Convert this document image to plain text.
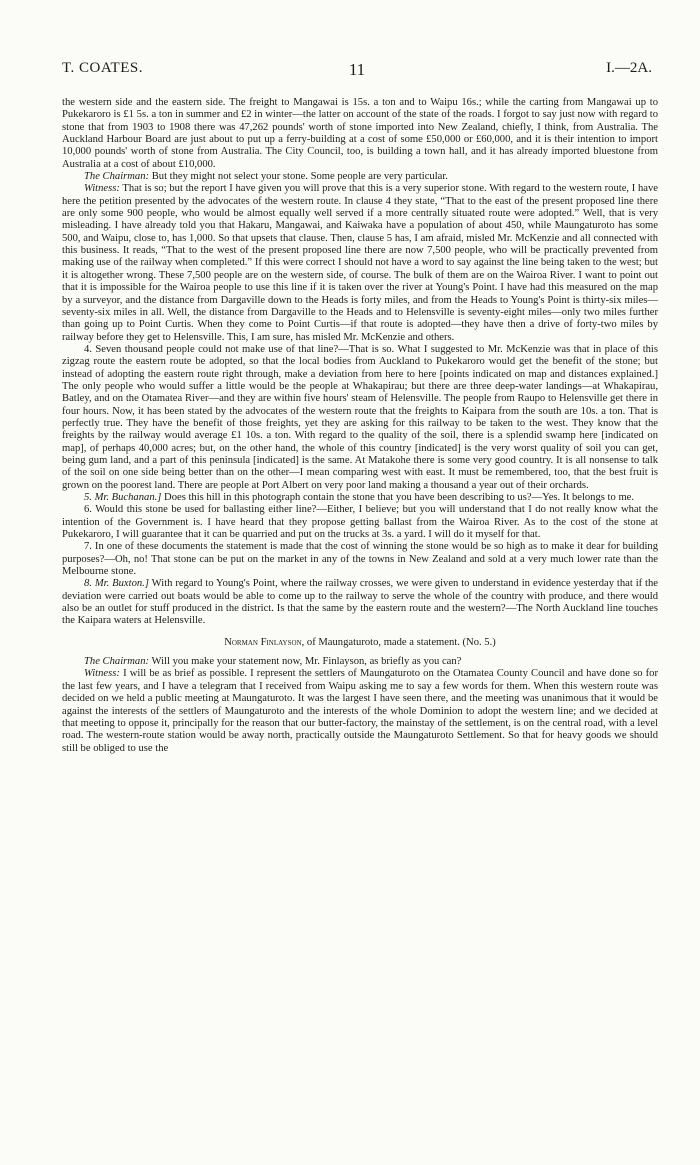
T. COATES.	11	I.—2A.

the western side and the eastern side. The freight to Mangawai is 15s. a ton and to Waipu 16s.; while the carting from Mangawai up to Pukekaroro is £1 5s. a ton in summer and £2 in winter—the latter on account of the state of the roads. I forgot to say just now with regard to stone that from 1903 to 1908 there was 47,262 pounds' worth of stone imported into New Zealand, chiefly, I think, from Australia. The Auckland Harbour Board are just about to put up a ferry-building at a cost of some £50,000 or £60,000, and it is their intention to import 10,000 pounds' worth of stone from Australia. The City Council, too, is building a town hall, and it has already imported bluestone from Australia at a cost of about £10,000.

The Chairman: But they might not select your stone. Some people are very particular.

Witness: That is so; but the report I have given you will prove that this is a very superior stone. With regard to the western route, I have here the petition presented by the advocates of the western route. In clause 4 they state, “That to the east of the present proposed line there are only some 900 people, who would be almost equally well served if a more centrally situated route were adopted.” Well, that is very misleading. I have already told you that Hakaru, Mangawai, and Kaiwaka have a population of about 450, while Maungaturoto has some 500, and Waipu, close to, has 1,000. So that upsets that clause. Then, clause 5 has, I am afraid, misled Mr. McKenzie and all connected with this business. It reads, “That to the west of the present proposed line there are now 7,500 people, who will be practically prevented from making use of the railway when completed.” If this were correct I should not have a word to say against the line being taken to the west; but it is altogether wrong. These 7,500 people are on the western side, of course. The bulk of them are on the Wairoa River. I want to point out that it is impossible for the Wairoa people to use this line if it is taken over the river at Young's Point. I have had this measured on the map by a surveyor, and the distance from Dargaville down to the Heads is forty miles, and from the Heads to Young's Point is thirty-six miles—seventy-six miles in all. Well, the distance from Dargaville to the Heads and to Helensville is seventy-eight miles—only two miles further than going up to Point Curtis. When they come to Point Curtis—if that route is adopted—they have then a drive of forty-two miles by railway before they get to Helensville. This, I am sure, has misled Mr. McKenzie and others.

4. Seven thousand people could not make use of that line?—That is so. What I suggested to Mr. McKenzie was that in place of this zigzag route the eastern route be adopted, so that the local bodies from Auckland to Pukekaroro would get the benefit of the stone; but instead of adopting the eastern route right through, make a deviation from here to here [points indicated on map and distances explained.] The only people who would suffer a little would be the people at Whakapirau; but there are three deep-water landings—at Whakapirau, Batley, and on the Otamatea River—and they are within five hours' steam of Helensville. The people from Raupo to Helensville get there in four hours. Now, it has been stated by the advocates of the western route that the freights to Kaipara from the south are 10s. a ton. That is perfectly true. They have the benefit of those freights, yet they are asking for this railway to be taken to the west. They know that the freights by the railway would average £1 10s. a ton. With regard to the quality of the soil, there is a splendid swamp here [indicated on map], of perhaps 40,000 acres; but, on the other hand, the whole of this country [indicated] is the very worst quality of soil you can get, being gum land, and a part of this peninsula [indicated] is the same. At Matakohe there is some very good country. It is all nonsense to talk of the soil on one side being better than on the other—I mean comparing west with east. It must be remembered, too, that the best fruit is grown on the poorest land. There are people at Port Albert on very poor land making a thousand a year out of their orchards.

5. Mr. Buchanan.] Does this hill in this photograph contain the stone that you have been describing to us?—Yes. It belongs to me.

6. Would this stone be used for ballasting either line?—Either, I believe; but you will understand that I do not really know what the intention of the Government is. I have heard that they propose getting ballast from the Wairoa River. As to the cost of the stone at Pukekaroro, I will guarantee that it can be quarried and put on the trucks at 3s. a yard. I will do it myself for that.

7. In one of these documents the statement is made that the cost of winning the stone would be so high as to make it dear for building purposes?—Oh, no! That stone can be put on the market in any of the towns in New Zealand and sold at a very much lower rate than the Melbourne stone.

8. Mr. Buxton.] With regard to Young's Point, where the railway crosses, we were given to understand in evidence yesterday that if the deviation were carried out boats would be able to come up to the railway to serve the whole of the country with produce, and there would also be an outlet for stuff produced in the district. Is that the same by the eastern route and the western?—The North Auckland line touches the Kaipara waters at Helensville.

Norman Finlayson, of Maungaturoto, made a statement. (No. 5.)

The Chairman: Will you make your statement now, Mr. Finlayson, as briefly as you can?

Witness: I will be as brief as possible. I represent the settlers of Maungaturoto on the Otamatea County Council and have done so for the last few years, and I have a telegram that I received from Waipu asking me to say a few words for them. When this western route was decided on we held a public meeting at Maungaturoto. It was the largest I have seen there, and the meeting was unanimous that it would be against the interests of the settlers of Maungaturoto and the interests of the whole Dominion to adopt the western line; and we decided at that meeting to oppose it, principally for the reason that our butter-factory, the mainstay of the settlement, is on the central road, with a level road. The western-route station would be away north, practically outside the Maungaturoto Settlement. So that for heavy goods we should still be obliged to use the
